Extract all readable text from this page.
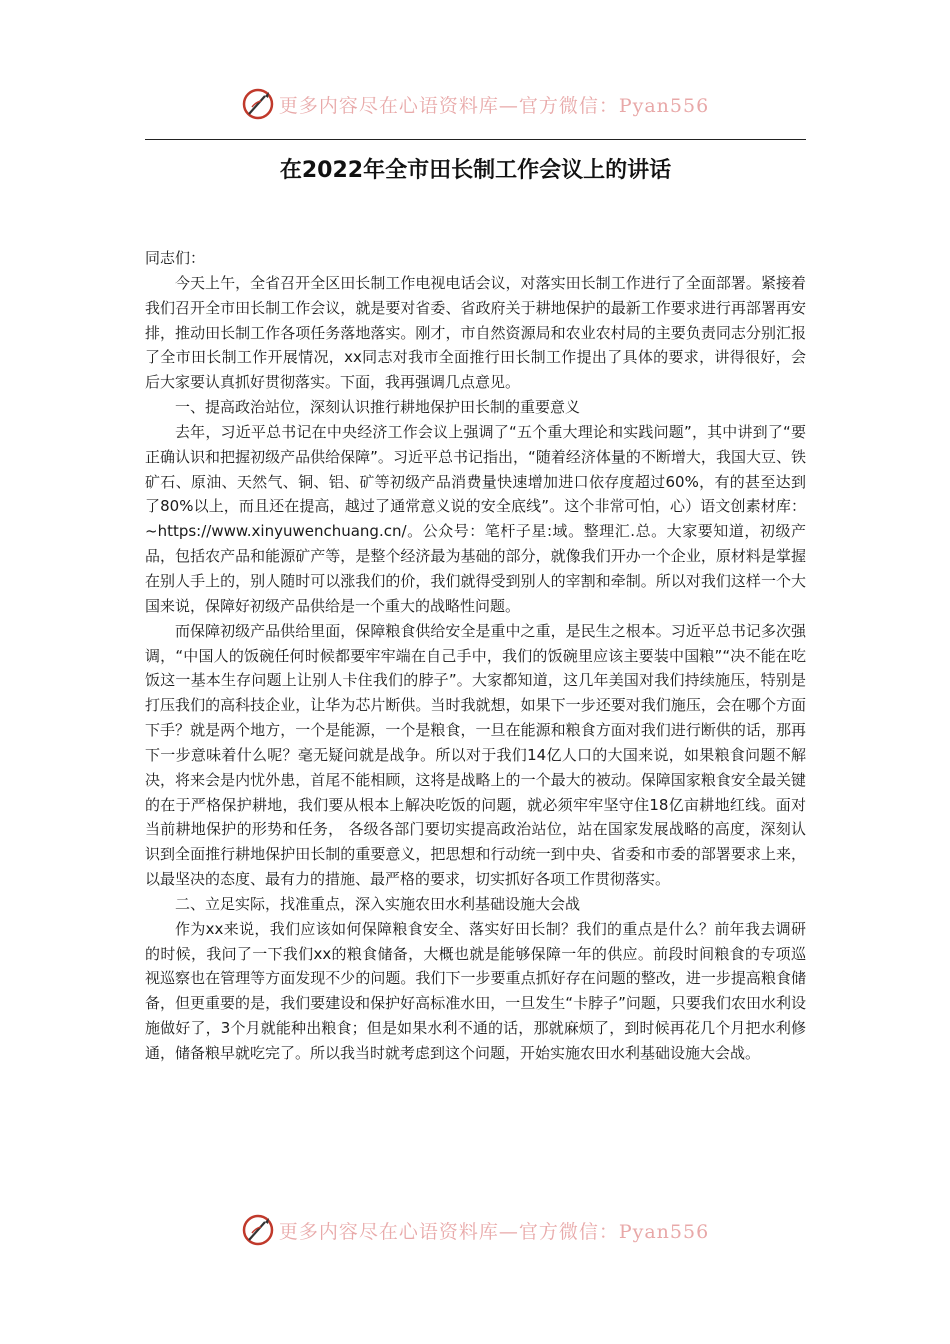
更多内容尽在心语资料库—官方微信：Pyan556
在2022年全市田长制工作会议上的讲话

同志们：

今天上午，全省召开全区田长制工作电视电话会议，对落实田长制工作进行了全面部署。紧接着我们召开全市田长制工作会议，就是要对省委、省政府关于耕地保护的最新工作要求进行再部署再安排，推动田长制工作各项任务落地落实。刚才，市自然资源局和农业农村局的主要负责同志分别汇报了全市田长制工作开展情况，xx同志对我市全面推行田长制工作提出了具体的要求，讲得很好，会后大家要认真抓好贯彻落实。下面，我再强调几点意见。

一、提高政治站位，深刻认识推行耕地保护田长制的重要意义

去年，习近平总书记在中央经济工作会议上强调了“五个重大理论和实践问题”，其中讲到了“要正确认识和把握初级产品供给保障”。习近平总书记指出，“随着经济体量的不断增大，我国大豆、铁矿石、原油、天然气、铜、铝、矿等初级产品消费量快速增加进口依存度超过60%，有的甚至达到了80%以上，而且还在提高，越过了通常意义说的安全底线”。这个非常可怕，心）语文创素材库：~https://www.xinyuwenchuang.cn/。公众号：笔杆子星:域。整理汇.总。大家要知道，初级产品，包括农产品和能源矿产等，是整个经济最为基础的部分，就像我们开办一个企业，原材料是掌握在别人手上的，别人随时可以涨我们的价，我们就得受到别人的宰割和牵制。所以对我们这样一个大国来说，保障好初级产品供给是一个重大的战略性问题。

而保障初级产品供给里面，保障粮食供给安全是重中之重，是民生之根本。习近平总书记多次强调，“中国人的饭碗任何时候都要牢牢端在自己手中，我们的饭碗里应该主要装中国粮”“决不能在吃饭这一基本生存问题上让别人卡住我们的脖子”。大家都知道，这几年美国对我们持续施压，特别是打压我们的高科技企业，让华为芯片断供。当时我就想，如果下一步还要对我们施压，会在哪个方面下手？就是两个地方，一个是能源，一个是粮食，一旦在能源和粮食方面对我们进行断供的话，那再下一步意味着什么呢？毫无疑问就是战争。所以对于我们14亿人口的大国来说，如果粮食问题不解决，将来会是内忧外患，首尾不能相顾，这将是战略上的一个最大的被动。保障国家粮食安全最关键的在于严格保护耕地，我们要从根本上解决吃饭的问题，就必须牢牢坚守住18亿亩耕地红线。面对当前耕地保护的形势和任务， 各级各部门要切实提高政治站位，站在国家发展战略的高度，深刻认识到全面推行耕地保护田长制的重要意义，把思想和行动统一到中央、省委和市委的部署要求上来，以最坚决的态度、最有力的措施、最严格的要求，切实抓好各项工作贯彻落实。

二、立足实际，找准重点，深入实施农田水利基础设施大会战

作为xx来说，我们应该如何保障粮食安全、落实好田长制？我们的重点是什么？前年我去调研的时候，我问了一下我们xx的粮食储备，大概也就是能够保障一年的供应。前段时间粮食的专项巡视巡察也在管理等方面发现不少的问题。我们下一步要重点抓好存在问题的整改，进一步提高粮食储备，但更重要的是，我们要建设和保护好高标准水田，一旦发生“卡脖子”问题，只要我们农田水利设施做好了，3个月就能种出粮食；但是如果水利不通的话，那就麻烦了，到时候再花几个月把水利修通，储备粮早就吃完了。所以我当时就考虑到这个问题，开始实施农田水利基础设施大会战。

更多内容尽在心语资料库—官方微信：Pyan556
